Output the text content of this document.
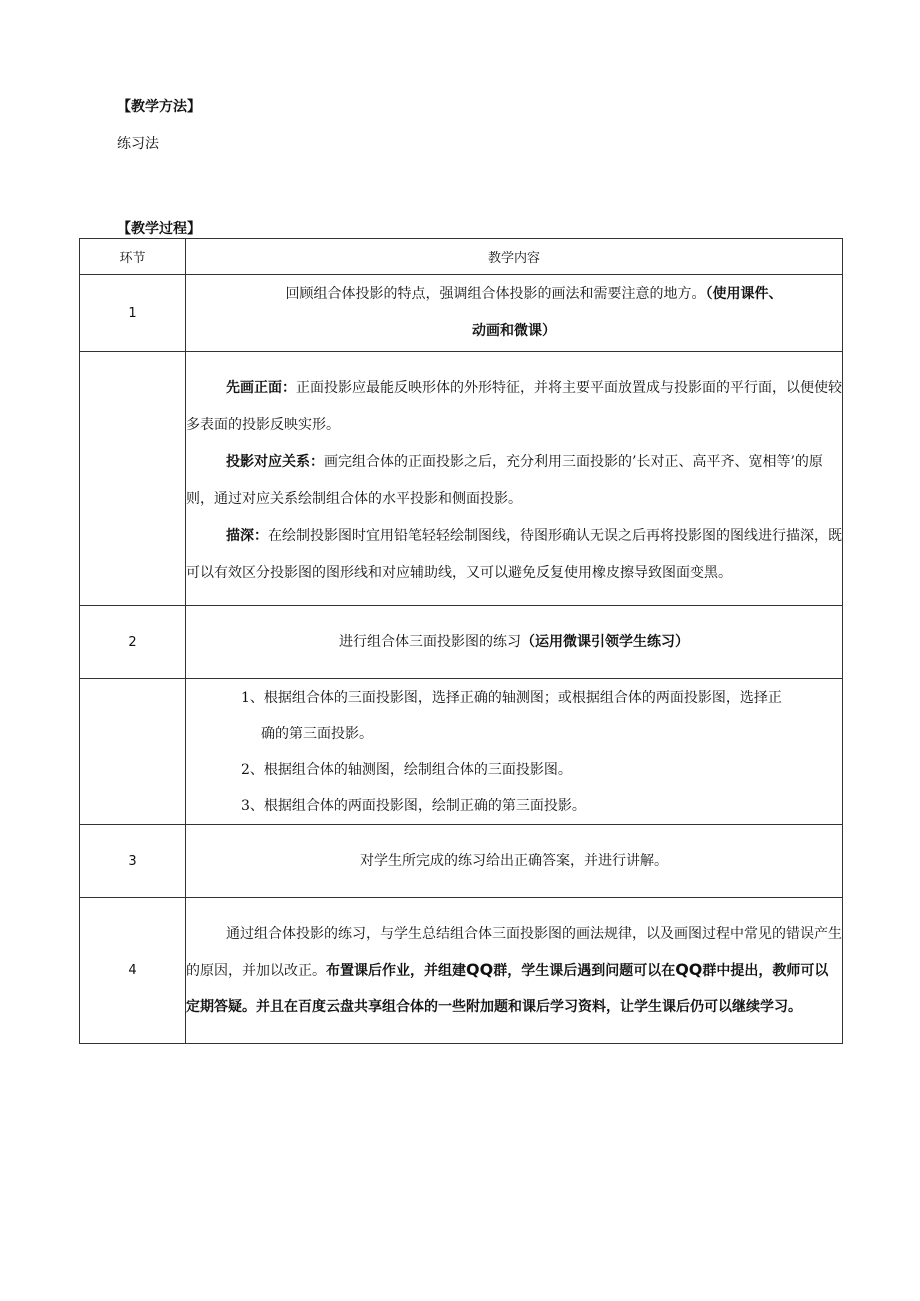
【教学方法】
练习法
【教学过程】
环节	教学内容
1	回顾组合体投影的特点，强调组合体投影的画法和需要注意的地方。（使用课件、
动画和微课）

	先画正面：正面投影应最能反映形体的外形特征，并将主要平面放置成与投影面的平行面，以便使较多表面的投影反映实形。

投影对应关系：画完组合体的正面投影之后，充分利用三面投影的’长对正、高平齐、宽相等’的原则，通过对应关系绘制组合体的水平投影和侧面投影。

描深：在绘制投影图时宜用铅笔轻轻绘制图线，待图形确认无误之后再将投影图的图线进行描深，既可以有效区分投影图的图形线和对应辅助线，又可以避免反复使用橡皮擦导致图面变黑。

2	进行组合体三面投影图的练习（运用微课引领学生练习）

	1、根据组合体的三面投影图，选择正确的轴测图；或根据组合体的两面投影图，选择正
确的第三面投影。
2、根据组合体的轴测图，绘制组合体的三面投影图。
3、根据组合体的两面投影图，绘制正确的第三面投影。

3	对学生所完成的练习给出正确答案，并进行讲解。
4	通过组合体投影的练习，与学生总结组合体三面投影图的画法规律，以及画图过程中常见的错误产生的原因，并加以改正。布置课后作业，并组建QQ群，学生课后遇到问题可以在QQ群中提出，教师可以定期答疑。并且在百度云盘共享组合体的一些附加题和课后学习资料，让学生课后仍可以继续学习。
